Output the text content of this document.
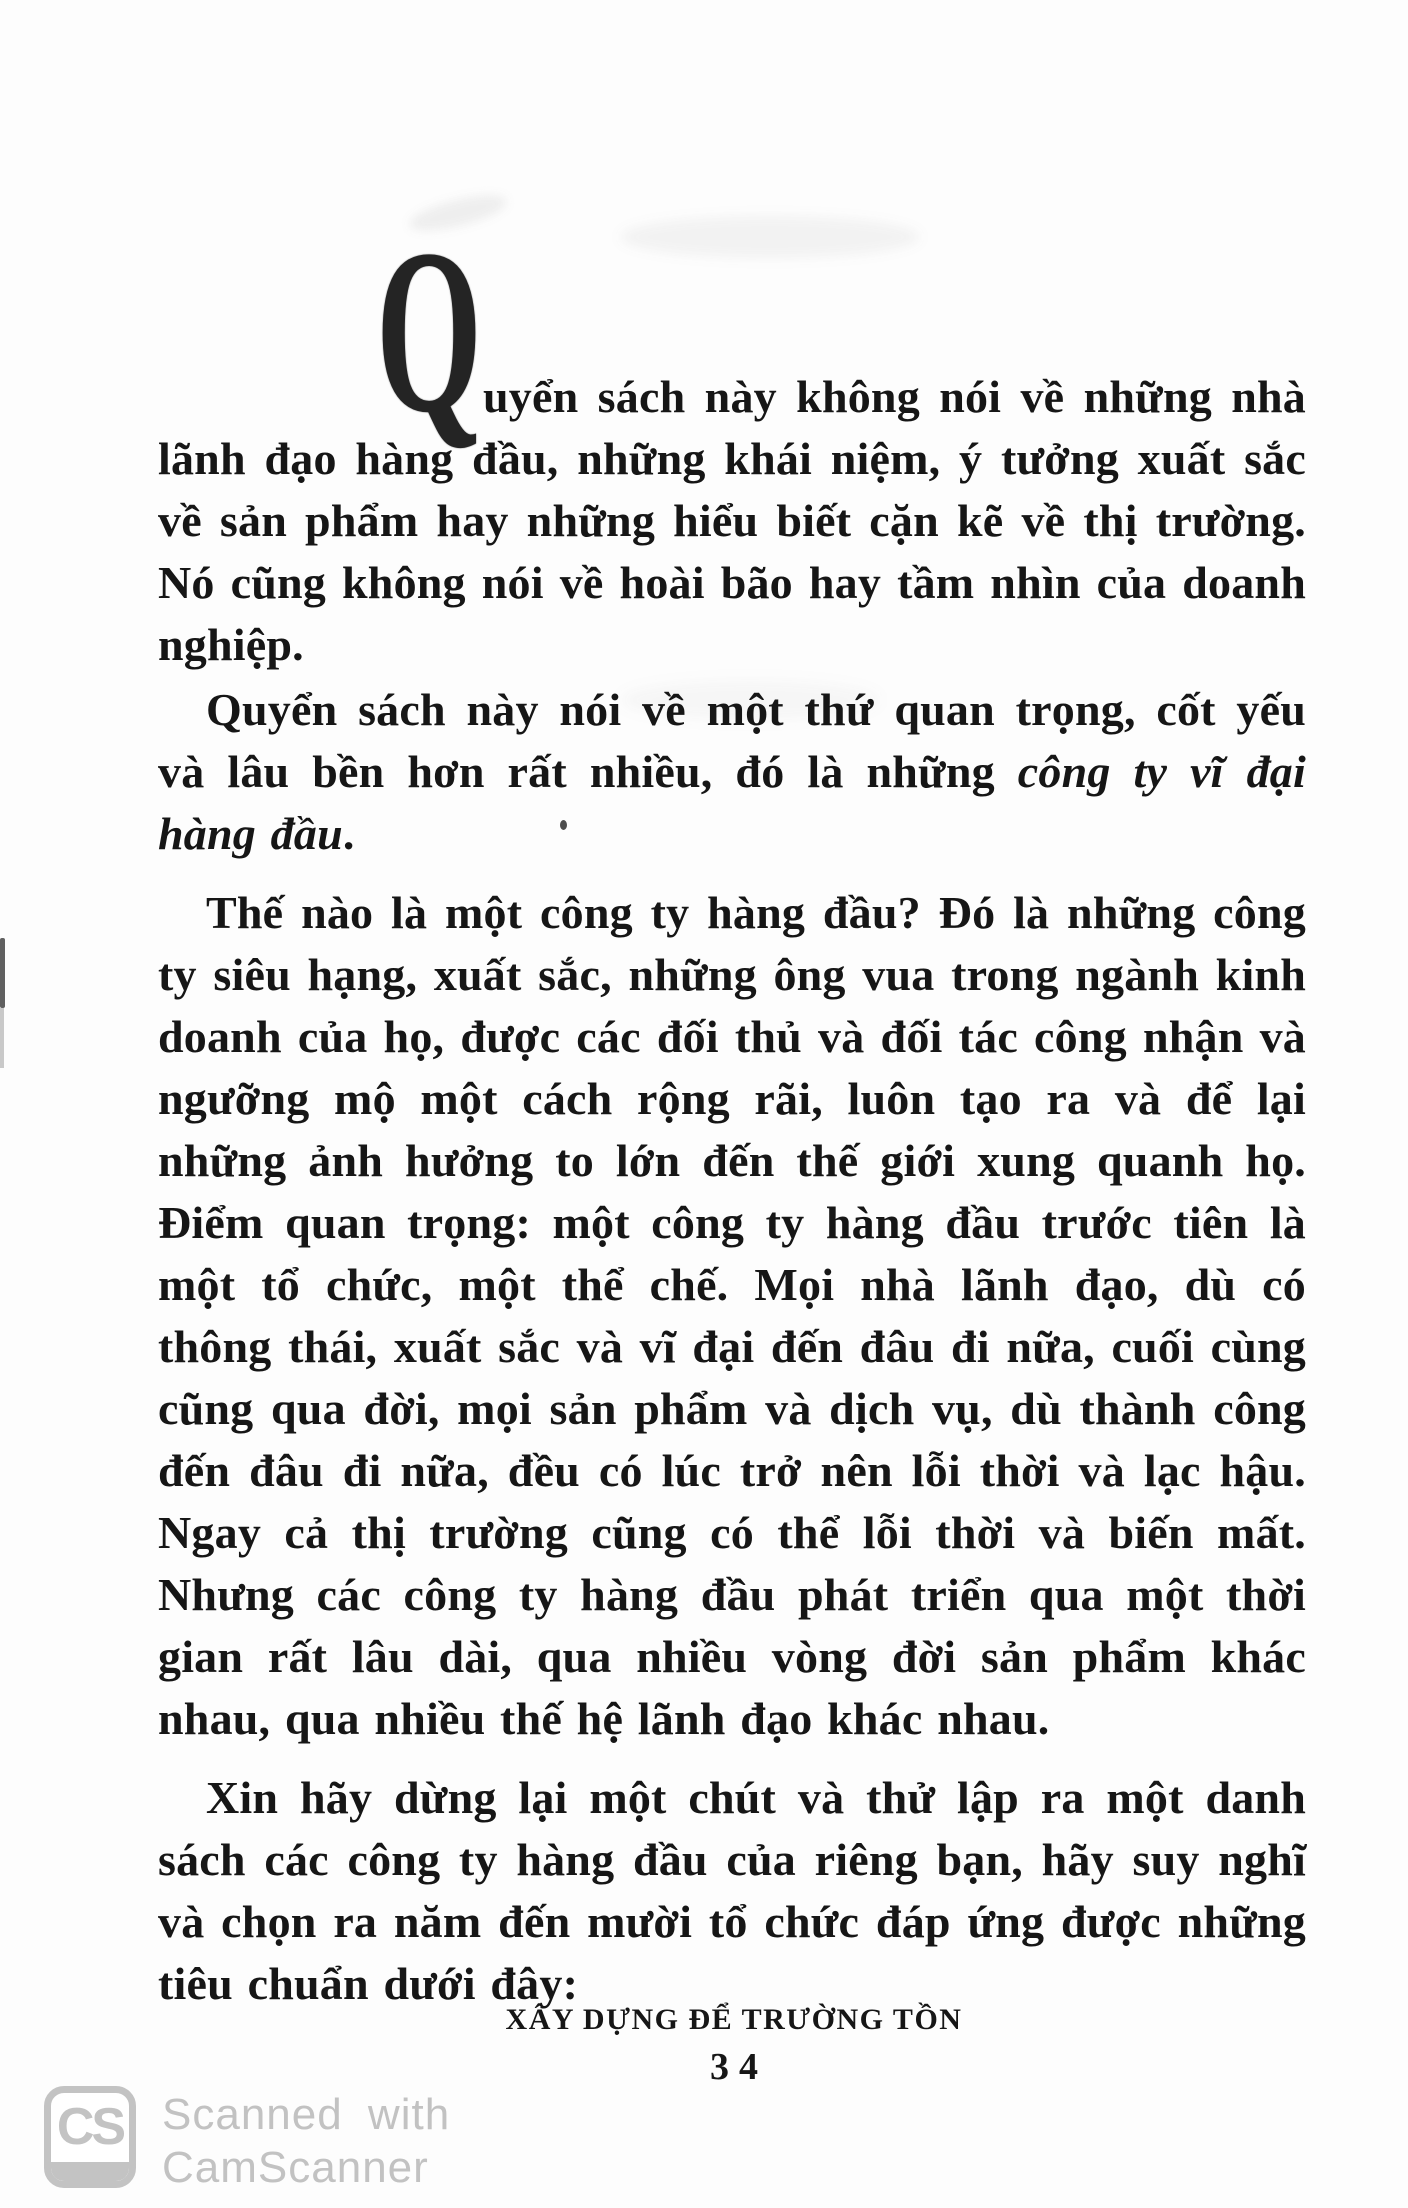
Q uyển sách này không nói về những nhà lãnh đạo hàng đầu, những khái niệm, ý tưởng xuất sắc về sản phẩm hay những hiểu biết cặn kẽ về thị trường. Nó cũng không nói về hoài bão hay tầm nhìn của doanh nghiệp.

Quyển sách này nói về một thứ quan trọng, cốt yếu và lâu bền hơn rất nhiều, đó là những công ty vĩ đại hàng đầu.

Thế nào là một công ty hàng đầu? Đó là những công ty siêu hạng, xuất sắc, những ông vua trong ngành kinh doanh của họ, được các đối thủ và đối tác công nhận và ngưỡng mộ một cách rộng rãi, luôn tạo ra và để lại những ảnh hưởng to lớn đến thế giới xung quanh họ. Điểm quan trọng: một công ty hàng đầu trước tiên là một tổ chức, một thể chế. Mọi nhà lãnh đạo, dù có thông thái, xuất sắc và vĩ đại đến đâu đi nữa, cuối cùng cũng qua đời, mọi sản phẩm và dịch vụ, dù thành công đến đâu đi nữa, đều có lúc trở nên lỗi thời và lạc hậu. Ngay cả thị trường cũng có thể lỗi thời và biến mất. Nhưng các công ty hàng đầu phát triển qua một thời gian rất lâu dài, qua nhiều vòng đời sản phẩm khác nhau, qua nhiều thế hệ lãnh đạo khác nhau.

Xin hãy dừng lại một chút và thử lập ra một danh sách các công ty hàng đầu của riêng bạn, hãy suy nghĩ và chọn ra năm đến mười tổ chức đáp ứng được những tiêu chuẩn dưới đây:

XÂY DỰNG ĐỂ TRƯỜNG TỒN
34
CS Scanned with
CamScanner
